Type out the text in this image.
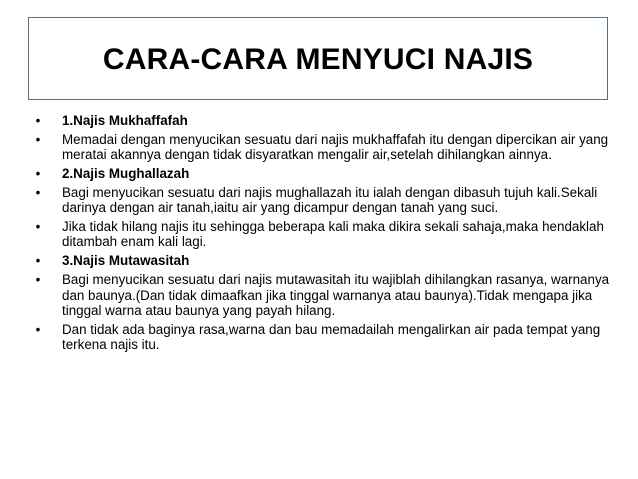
CARA-CARA MENYUCI NAJIS
• 1.Najis Mukhaffafah
• Memadai dengan menyucikan sesuatu dari najis mukhaffafah itu dengan dipercikan air yang meratai akannya dengan tidak disyaratkan mengalir air,setelah dihilangkan ainnya.
• 2.Najis Mughallazah
• Bagi menyucikan sesuatu dari najis mughallazah itu ialah dengan dibasuh tujuh kali.Sekali darinya dengan air tanah,iaitu air yang dicampur dengan tanah yang suci.
• Jika tidak hilang najis itu sehingga beberapa kali maka dikira sekali sahaja,maka hendaklah ditambah enam kali lagi.
• 3.Najis Mutawasitah
• Bagi menyucikan sesuatu dari najis mutawasitah itu wajiblah dihilangkan rasanya, warnanya dan baunya.(Dan tidak dimaafkan jika tinggal warnanya atau baunya).Tidak mengapa jika tinggal warna atau baunya yang payah hilang.
• Dan tidak ada baginya rasa,warna dan bau memadailah mengalirkan air pada tempat yang terkena najis itu.
